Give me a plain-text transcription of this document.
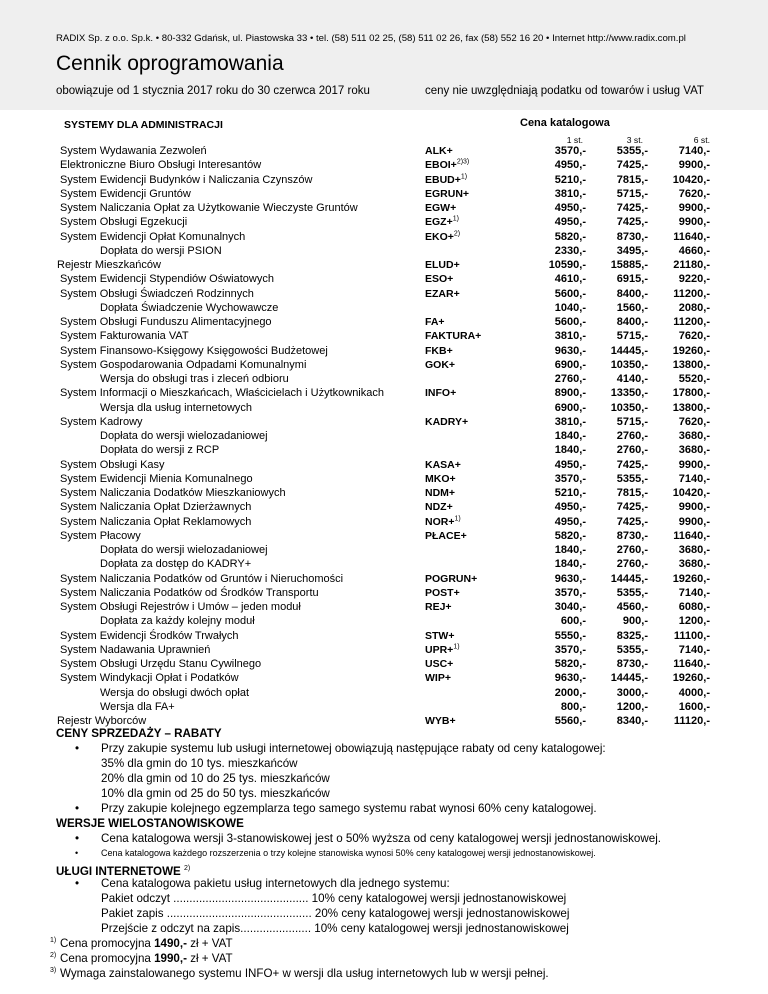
RADIX Sp. z o.o. Sp.k. • 80-332 Gdańsk, ul. Piastowska 33 • tel. (58) 511 02 25, (58) 511 02 26, fax (58) 552 16 20 • Internet http://www.radix.com.pl
Cennik oprogramowania
obowiązuje od 1 stycznia 2017 roku do 30 czerwca 2017 roku	ceny nie uwzględniają podatku od towarów i usług VAT
SYSTEMY DLA ADMINISTRACJI	Cena katalogowa
1 st.	3 st.	6 st.
System Wydawania Zezwoleń	ALK+	3570,-	5355,-	7140,-
Elektroniczne Biuro Obsługi Interesantów	EBOI+$^{2)3)}$	4950,-	7425,-	9900,-
System Ewidencji Budynków i Naliczania Czynszów	EBUD+$^{1)}$	5210,-	7815,-	10420,-
System Ewidencji Gruntów	EGRUN+	3810,-	5715,-	7620,-
System Naliczania Opłat za Użytkowanie Wieczyste Gruntów	EGW+	4950,-	7425,-	9900,-
System Obsługi Egzekucji	EGZ+$^{1)}$	4950,-	7425,-	9900,-
System Ewidencji Opłat Komunalnych	EKO+$^{2)}$	5820,-	8730,-	11640,-
Dopłata do wersji PSION	2330,-	3495,-	4660,-
Rejestr Mieszkańców	ELUD+	10590,-	15885,-	21180,-
System Ewidencji Stypendiów Oświatowych	ESO+	4610,-	6915,-	9220,-
System Obsługi Świadczeń Rodzinnych	EZAR+	5600,-	8400,-	11200,-
Dopłata Świadczenie Wychowawcze	1040,-	1560,-	2080,-
System Obsługi Funduszu Alimentacyjnego	FA+	5600,-	8400,-	11200,-
System Fakturowania VAT	FAKTURA+	3810,-	5715,-	7620,-
System Finansowo-Księgowy Księgowości Budżetowej	FKB+	9630,-	14445,-	19260,-
System Gospodarowania Odpadami Komunalnymi	GOK+	6900,-	10350,-	13800,-
Wersja do obsługi tras i zleceń odbioru	2760,-	4140,-	5520,-
System Informacji o Mieszkańcach, Właścicielach i Użytkownikach	INFO+	8900,-	13350,-	17800,-
Wersja dla usług internetowych	6900,-	10350,-	13800,-
System Kadrowy	KADRY+	3810,-	5715,-	7620,-
Dopłata do wersji wielozadaniowej	1840,-	2760,-	3680,-
Dopłata do wersji z RCP	1840,-	2760,-	3680,-
System Obsługi Kasy	KASA+	4950,-	7425,-	9900,-
System Ewidencji Mienia Komunalnego	MKO+	3570,-	5355,-	7140,-
System Naliczania Dodatków Mieszkaniowych	NDM+	5210,-	7815,-	10420,-
System Naliczania Opłat Dzierżawnych	NDZ+	4950,-	7425,-	9900,-
System Naliczania Opłat Reklamowych	NOR+$^{1)}$	4950,-	7425,-	9900,-
System Płacowy	PŁACE+	5820,-	8730,-	11640,-
Dopłata do wersji wielozadaniowej	1840,-	2760,-	3680,-
Dopłata za dostęp do KADRY+	1840,-	2760,-	3680,-
System Naliczania Podatków od Gruntów i Nieruchomości	POGRUN+	9630,-	14445,-	19260,-
System Naliczania Podatków od Środków Transportu	POST+	3570,-	5355,-	7140,-
System Obsługi Rejestrów i Umów – jeden moduł	REJ+	3040,-	4560,-	6080,-
Dopłata za każdy kolejny moduł	600,-	900,-	1200,-
System Ewidencji Środków Trwałych	STW+	5550,-	8325,-	11100,-
System Nadawania Uprawnień	UPR+$^{1)}$	3570,-	5355,-	7140,-
System Obsługi Urzędu Stanu Cywilnego	USC+	5820,-	8730,-	11640,-
System Windykacji Opłat i Podatków	WIP+	9630,-	14445,-	19260,-
Wersja do obsługi dwóch opłat	2000,-	3000,-	4000,-
Wersja dla FA+	800,-	1200,-	1600,-
Rejestr Wyborców	WYB+	5560,-	8340,-	11120,-
CENY SPRZEDAŻY – RABATY
• Przy zakupie systemu lub usługi internetowej obowiązują następujące rabaty od ceny katalogowej:
35% dla gmin do 10 tys. mieszkańców
20% dla gmin od 10 do 25 tys. mieszkańców
10% dla gmin od 25 do 50 tys. mieszkańców
• Przy zakupie kolejnego egzemplarza tego samego systemu rabat wynosi 60% ceny katalogowej.
WERSJE WIELOSTANOWISKOWE
• Cena katalogowa wersji 3-stanowiskowej jest o 50% wyższa od ceny katalogowej wersji jednostanowiskowej.
• Cena katalogowa każdego rozszerzenia o trzy kolejne stanowiska wynosi 50% ceny katalogowej wersji jednostanowiskowej.
UŁUGI INTERNETOWE $^{2)}$
• Cena katalogowa pakietu usług internetowych dla jednego systemu:
Pakiet odczyt .......................................... 10% ceny katalogowej wersji jednostanowiskowej
Pakiet zapis ............................................. 20% ceny katalogowej wersji jednostanowiskowej
Przejście z odczyt na zapis...................... 10% ceny katalogowej wersji jednostanowiskowej
1) Cena promocyjna 1490,- zł + VAT
2) Cena promocyjna 1990,- zł + VAT
3) Wymaga zainstalowanego systemu INFO+ w wersji dla usług internetowych lub w wersji pełnej.
